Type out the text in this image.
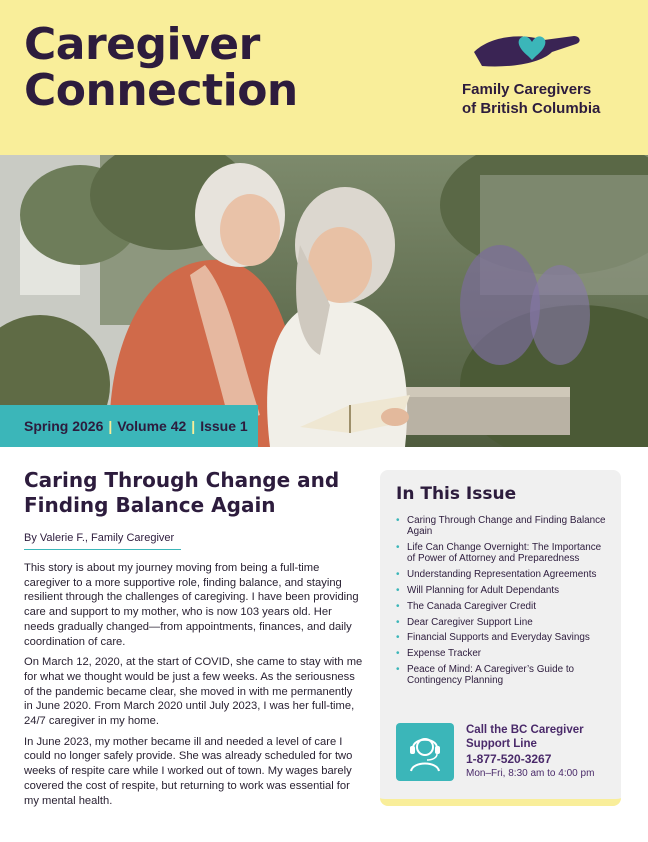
Caregiver
Connection	Family Caregivers
of British Columbia
Spring 2026 | Volume 42 | Issue 1
Caring Through Change and Finding Balance Again
By Valerie F., Family Caregiver

This story is about my journey moving from being a full-time caregiver to a more supportive role, finding balance, and staying resilient through the challenges of caregiving. I have been providing care and support to my mother, who is now 103 years old. Her needs gradually changed—from appointments, finances, and daily coordination of care.

On March 12, 2020, at the start of COVID, she came to stay with me for what we thought would be just a few weeks. As the seriousness of the pandemic became clear, she moved in with me permanently in June 2020. From March 2020 until July 2023, I was her full-time, 24/7 caregiver in my home.

In June 2023, my mother became ill and needed a level of care I could no longer safely provide. She was already scheduled for two weeks of respite care while I worked out of town. My wages barely covered the cost of respite, but returning to work was essential for my mental health.

In This Issue
• Caring Through Change and Finding Balance Again
• Life Can Change Overnight: The Importance of Power of Attorney and Preparedness
• Understanding Representation Agreements
• Will Planning for Adult Dependants
• The Canada Caregiver Credit
• Dear Caregiver Support Line
• Financial Supports and Everyday Savings
• Expense Tracker
• Peace of Mind: A Caregiver’s Guide to Contingency Planning
Call the BC Caregiver Support Line
1-877-520-3267
Mon–Fri, 8:30 am to 4:00 pm
